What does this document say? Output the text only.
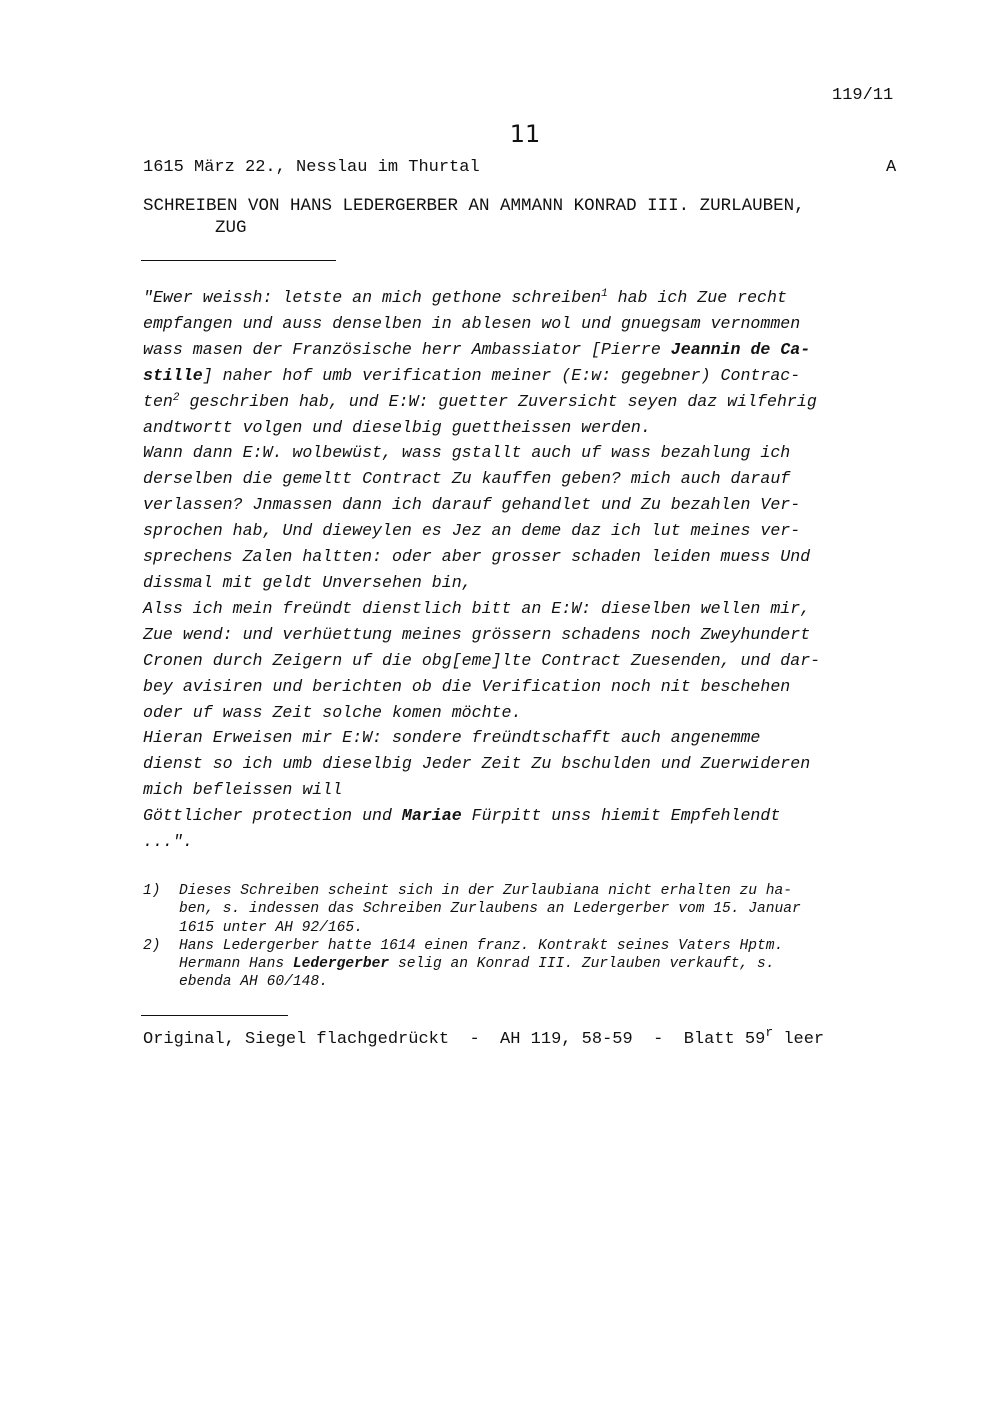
119/11
11
1615 März 22., Nesslau im Thurtal	A
SCHREIBEN VON HANS LEDERGERBER AN AMMANN KONRAD III. ZURLAUBEN,
ZUG
"Ewer weissh: letste an mich gethone schreiben$^1$ hab ich Zue recht
empfangen und auss denselben in ablesen wol und gnuegsam vernommen
wass masen der Französische herr Ambassiator [Pierre Jeannin de Ca-
stille] naher hof umb verification meiner (E:w: gegebner) Contrac-
ten$^2$ geschriben hab, und E:W: guetter Zuversicht seyen daz wilfehrig
andtwortt volgen und dieselbig guettheissen werden.
Wann dann E:W. wolbewüst, wass gstallt auch uf wass bezahlung ich
derselben die gemeltt Contract Zu kauffen geben? mich auch darauf
verlassen? Jnmassen dann ich darauf gehandlet und Zu bezahlen Ver-
sprochen hab, Und dieweylen es Jez an deme daz ich lut meines ver-
sprechens Zalen haltten: oder aber grosser schaden leiden muess Und
dissmal mit geldt Unversehen bin,
Alss ich mein freündt dienstlich bitt an E:W: dieselben wellen mir,
Zue wend: und verhüettung meines grössern schadens noch Zweyhundert
Cronen durch Zeigern uf die obg[eme]lte Contract Zuesenden, und dar-
bey avisiren und berichten ob die Verification noch nit beschehen
oder uf wass Zeit solche komen möchte.
Hieran Erweisen mir E:W: sondere freündtschafft auch angenemme
dienst so ich umb dieselbig Jeder Zeit Zu bschulden und Zuerwideren
mich befleissen will
Göttlicher protection und Mariae Fürpitt unss hiemit Empfehlendt
...".
1)	Dieses Schreiben scheint sich in der Zurlaubiana nicht erhalten zu ha-
ben, s. indessen das Schreiben Zurlaubens an Ledergerber vom 15. Januar
1615 unter AH 92/165.
2)	Hans Ledergerber hatte 1614 einen franz. Kontrakt seines Vaters Hptm.
Hermann Hans Ledergerber selig an Konrad III. Zurlauben verkauft, s.
ebenda AH 60/148.
Original, Siegel flachgedrückt  -  AH 119, 58-59  -  Blatt 59$^r$ leer
